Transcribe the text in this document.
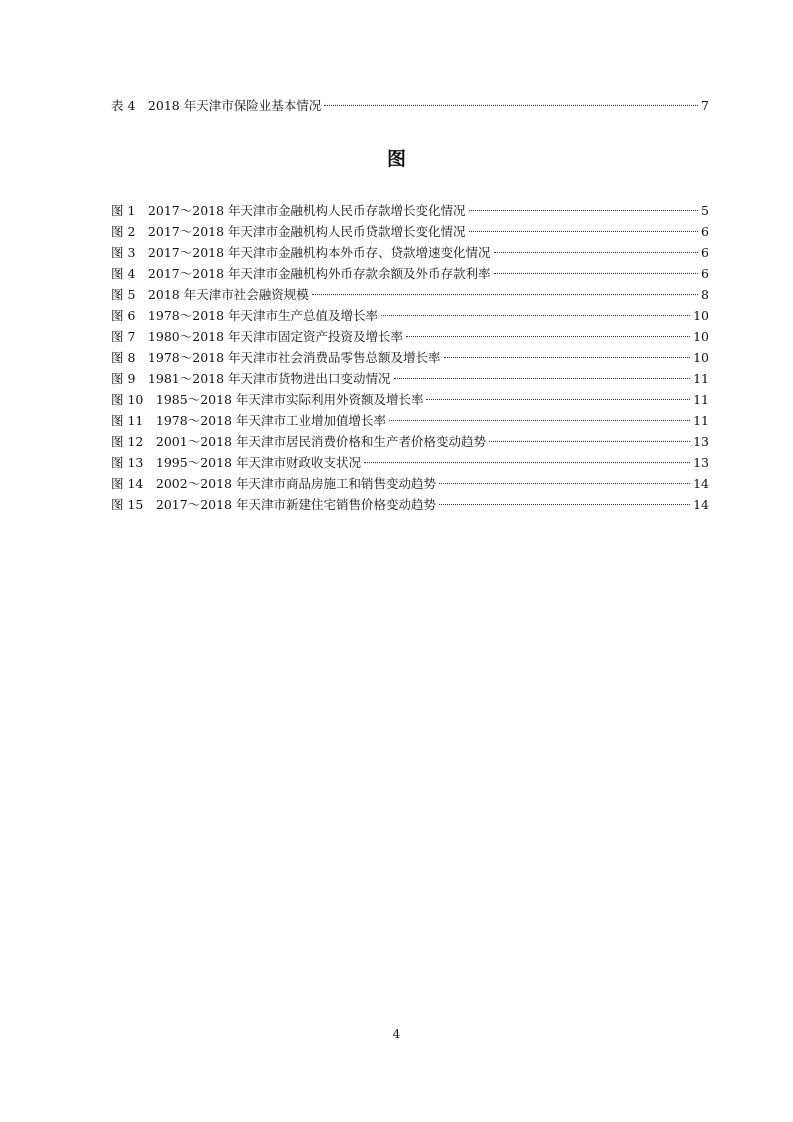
表 4　2018 年天津市保险业基本情况	7
图
图 1　2017～2018 年天津市金融机构人民币存款增长变化情况	5
图 2　2017～2018 年天津市金融机构人民币贷款增长变化情况	6
图 3　2017～2018 年天津市金融机构本外币存、贷款增速变化情况	6
图 4　2017～2018 年天津市金融机构外币存款余额及外币存款利率	6
图 5　2018 年天津市社会融资规模	8
图 6　1978～2018 年天津市生产总值及增长率	10
图 7　1980～2018 年天津市固定资产投资及增长率	10
图 8　1978～2018 年天津市社会消费品零售总额及增长率	10
图 9　1981～2018 年天津市货物进出口变动情况	11
图 10　1985～2018 年天津市实际利用外资额及增长率	11
图 11　1978～2018 年天津市工业增加值增长率	11
图 12　2001～2018 年天津市居民消费价格和生产者价格变动趋势	13
图 13　1995～2018 年天津市财政收支状况	13
图 14　2002～2018 年天津市商品房施工和销售变动趋势	14
图 15　2017～2018 年天津市新建住宅销售价格变动趋势	14
4
